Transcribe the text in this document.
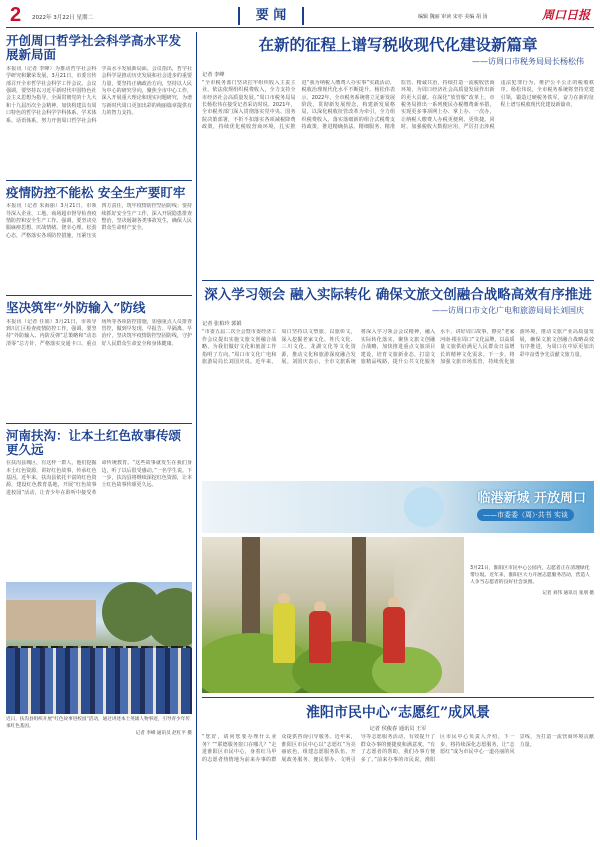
2 2022年 3月22日 星期二	要 闻	编辑 魏丽 审读 宋亦 美编 胡 汤	周口日报
开创周口哲学社会科学高水平发展新局面

本报讯（记者 李峰）为推动哲学社会科学研究和繁荣发展，3月21日，市委宣传部召开全市哲学社会科学工作会议。会议强调，要坚持以习近平新时代中国特色社会主义思想为指导，全面贯彻党的十九大和十九届历次全会精神，加快构建具有周口特色的哲学社会科学学科体系、学术体系、话语体系，努力开创周口哲学社会科学高水平发展新局面。会议指出，哲学社会科学是推动历史发展和社会进步的重要力量，要坚持正确政治方向，坚持以人民为中心的研究导向，聚焦全市中心工作，深入开展重大理论和现实问题研究，为谱写新时代周口更加出彩的绚丽篇章提供有力的智力支持。

疫情防控不能松 安全生产要盯牢

本报讯（记者 朱海丽）3月21日，市领导深入企业、工地、商场超市督导检查疫情防控和安全生产工作。强调，要坚决克服麻痹思想、厌战情绪、侥幸心理、松劲心态，严格落实各项防控措施，压紧压实四方责任，筑牢疫情防控坚固防线；要持续抓好安全生产工作，深入开展隐患排查整治，坚决遏制各类事故发生，确保人民群众生命财产安全。

坚决筑牢“外防输入”防线

本报讯（记者 任娟）3月21日，市领导到川汇区检查疫情防控工作。强调，要坚持“外防输入、内防反弹”总策略和“动态清零”总方针，严格落实交通卡口、重点场所等各项防控措施，加强重点人员排查管控，做到早发现、早报告、早隔离、早治疗，坚决筑牢疫情防控坚固防线，守护好人民群众生命安全和身体健康。

河南扶沟：让本土红色故事传颂更久远

在扶沟县城区，有这样一群人，他们挖掘本土红色资源，讲好红色故事，传承红色基因。近年来，扶沟县依托丰富的红色资源，建设红色教育基地，开展“红色故事进校园”活动，让青少年在聆听中接受革命传统教育。“这些故事就发生在我们身边，听了以后很受感动。”一名学生说。下一步，扶沟县将继续深挖红色资源，让本土红色故事传颂更久远。

近日，扶沟县组织开展“红色故事进校园”活动，通过讲述本土英雄人物事迹，引导青少年传承红色基因。

记者 李峰 通讯员 赵红平 摄

在新的征程上谱写税收现代化建设新篇章

——访周口市税务局局长杨松伟

记者 李峰

“全市税务部门坚决扛牢组织收入主责主业，依法依规组织税费收入，全力支持全市经济社会高质量发展。”周口市税务局局长杨松伟在接受记者采访时说。2021年，全市税务部门深入贯彻落实党中央、国务院决策部署，不折不扣落实各项减税降费政策，持续优化税收营商环境，扎实推进“我为纳税人缴费人办实事”实践活动，税收治理现代化水平不断提升。杨松伟表示，2022年，全市税务系统将立足新发展阶段，贯彻新发展理念，构建新发展格局，以深化税收征管改革为牵引，全力组织税费收入，落实落细新的组合式税费支持政策，推进精确执法、精细服务、精准监管、精诚共治，持续打造一流税收营商环境，为周口经济社会高质量发展作出新的更大贡献。在深化“放管服”改革上，市税务局推出一系列便民办税缴费新举措，实现更多事项网上办、掌上办、一次办，让纳税人缴费人办税更便利、更快捷。同时，加强税收大数据应用，严厉打击涉税违法犯罪行为，维护公平公正的税收秩序。杨松伟说，全市税务系统将坚持党建引领，锻造过硬税务铁军，奋力在新的征程上谱写税收现代化建设新篇章。

深入学习领会 融入实际转化 确保文旅文创融合战略高效有序推进

——访周口市文化广电和旅游局局长刘国庆

记者 张柏玲 郭娟

“市委五届二次全会暨市委经济工作会议提出实施文旅文创融合战略，为我们做好文化和旅游工作指明了方向。”周口市文化广电和旅游局局长刘国庆说。近年来，周口坚持以文塑旅、以旅彰文，深入挖掘老家文化、姓氏文化、三川文化、龙湖文化等文化资源，推动文化和旅游深度融合发展。刘国庆表示，全市文旅系统将深入学习领会会议精神，融入实际转化落实，聚焦文旅文创融合战略，加快推进重点文旅项目建设，培育文旅新业态，打造文旅精品线路，提升公共文化服务水平，讲好周口故事，擦亮“老家河南·根在周口”文化品牌，以高质量文旅供给满足人民群众日益增长的精神文化需求。下一步，将加强文旅市场监管，持续优化旅游环境，推动文旅产业高质量发展，确保文旅文创融合战略高效有序推进，为周口在中原更加出彩中奋勇争先贡献文旅力量。

临港新城 开放周口
——市委委（周）·共书 实谈

3月21日，淮阳区市民中心公园内，志愿者正在清理绿化带垃圾。近年来，淮阳区大力开展志愿服务活动，营造人人争当志愿者的良好社会氛围。

记者 刘伟 通讯员 张朋 摄

淮阳市民中心“志愿红”成风景

记者 侯俊春 通讯员 王军

“您好，请问您要办理什么业务？”“联德服务窗口在哪儿？”走进淮阳区市民中心，身着红马甲的志愿者热情地为前来办事的群众提供咨询引导服务。近年来，淮阳区市民中心以“志愿红”为亮丽底色，组建志愿服务队伍，开展政务服务、便民帮办、文明引导等志愿服务活动，有效提升了群众办事的便捷度和满意度。“有了志愿者的帮助，我们办事方便多了。”前来办事的市民说。淮阳区市民中心负责人介绍，下一步，将持续深化志愿服务，让“志愿红”成为市民中心一道亮丽的风景线，为打造一流营商环境贡献力量。
